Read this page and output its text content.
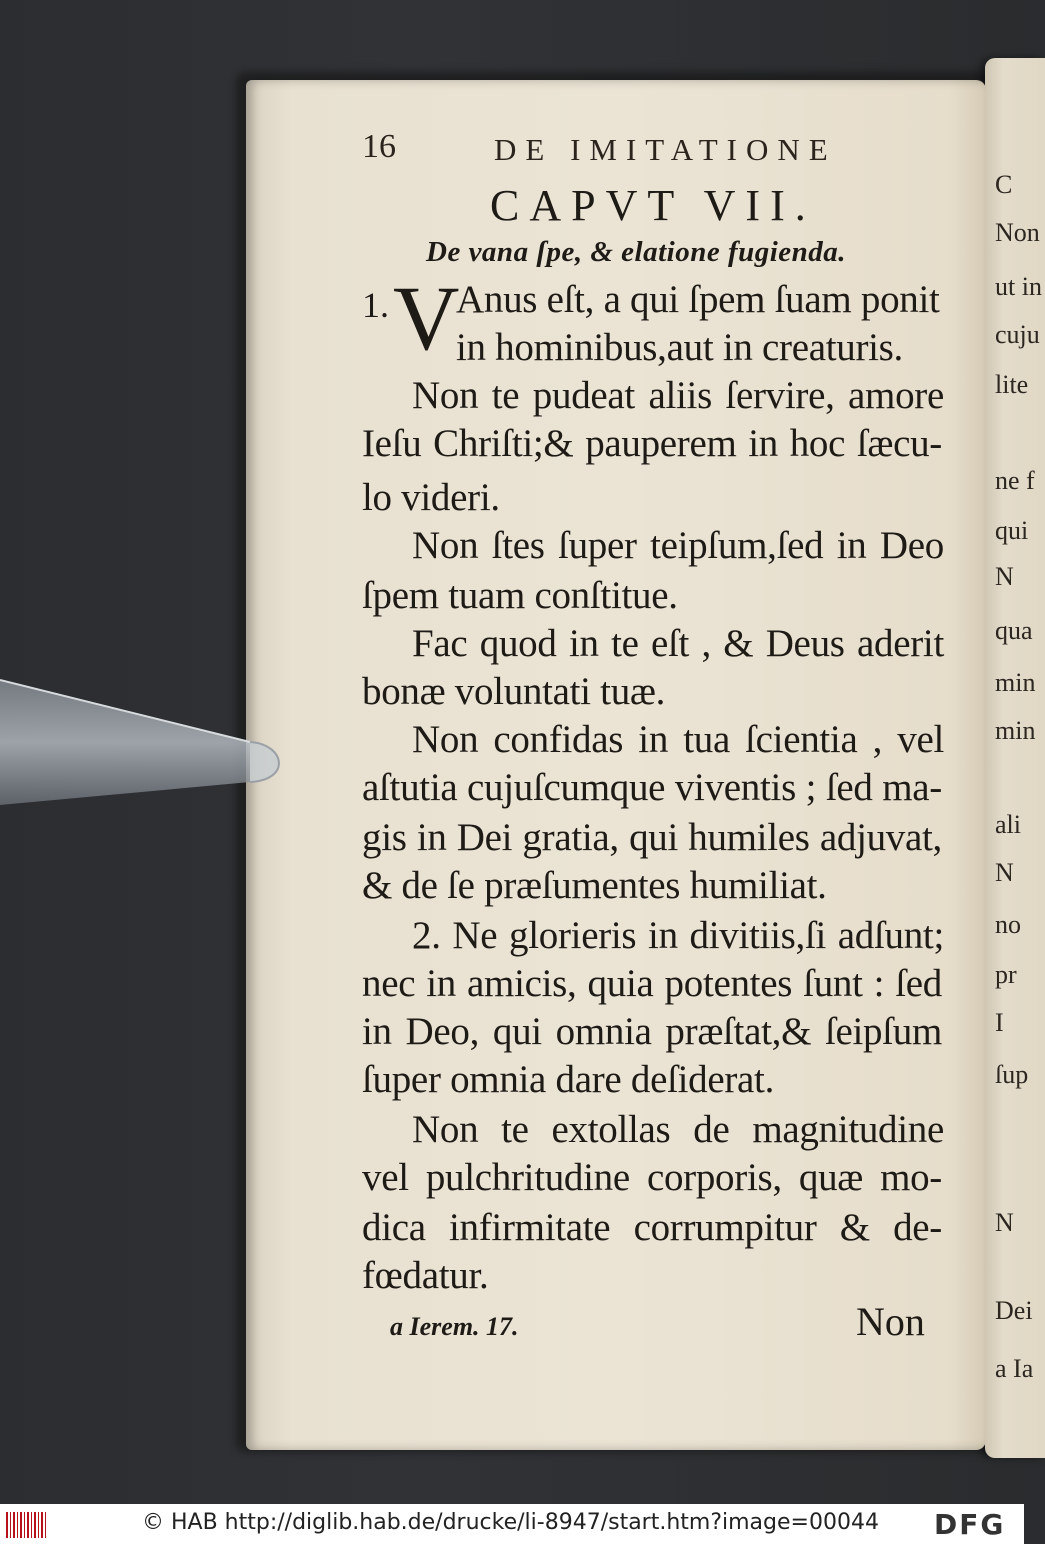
C
Non
ut in
cuju
lite
ne f
qui
N
qua
min
min
ali
N
no
pr
I
ſup
N
Dei
a Ia
16	DE IMITATIONE
CAPVT VII.
De vana ſpe, & elatione fugienda.
1. V
Anus eſt, a qui ſpem ſuam ponit
in hominibus,aut in creaturis.
Non te pudeat aliis ſervire, amore
Ieſu Chriſti;& pauperem in hoc ſæcu-
lo videri.
Non ſtes ſuper teipſum,ſed in Deo
ſpem tuam conſtitue.
Fac quod in te eſt , & Deus aderit
bonæ voluntati tuæ.
Non confidas in tua ſcientia , vel
aſtutia cujuſcumque viventis ; ſed ma-
gis in Dei gratia, qui humiles adjuvat,
& de ſe præſumentes humiliat.
2. Ne glorieris in divitiis,ſi adſunt;
nec in amicis, quia potentes ſunt : ſed
in Deo, qui omnia præſtat,& ſeipſum
ſuper omnia dare deſiderat.
Non te extollas de magnitudine
vel pulchritudine corporis, quæ mo-
dica infirmitate corrumpitur & de-
fœdatur.
a Ierem. 17.	Non
© HAB http://diglib.hab.de/drucke/li-8947/start.htm?image=00044 DFG
